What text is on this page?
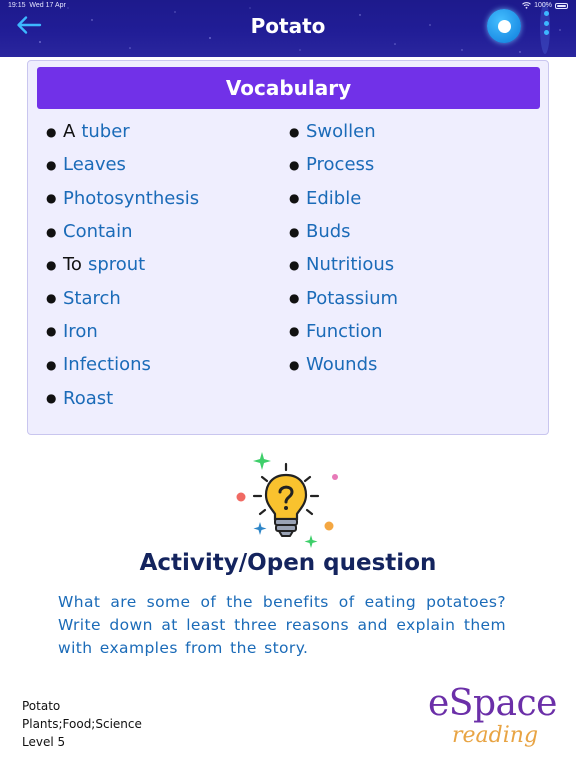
19:15 Wed 17 Apr	100%
Potato
Vocabulary
● A tuber
● Leaves
● Photosynthesis
● Contain
● To sprout
● Starch
● Iron
● Infections
● Roast
● Swollen
● Process
● Edible
● Buds
● Nutritious
● Potassium
● Function
● Wounds
Activity/Open question
What are some of the benefits of eating potatoes? Write down at least three reasons and explain them with examples from the story.
Potato
Plants;Food;Science
Level 5
eSpace
reading
